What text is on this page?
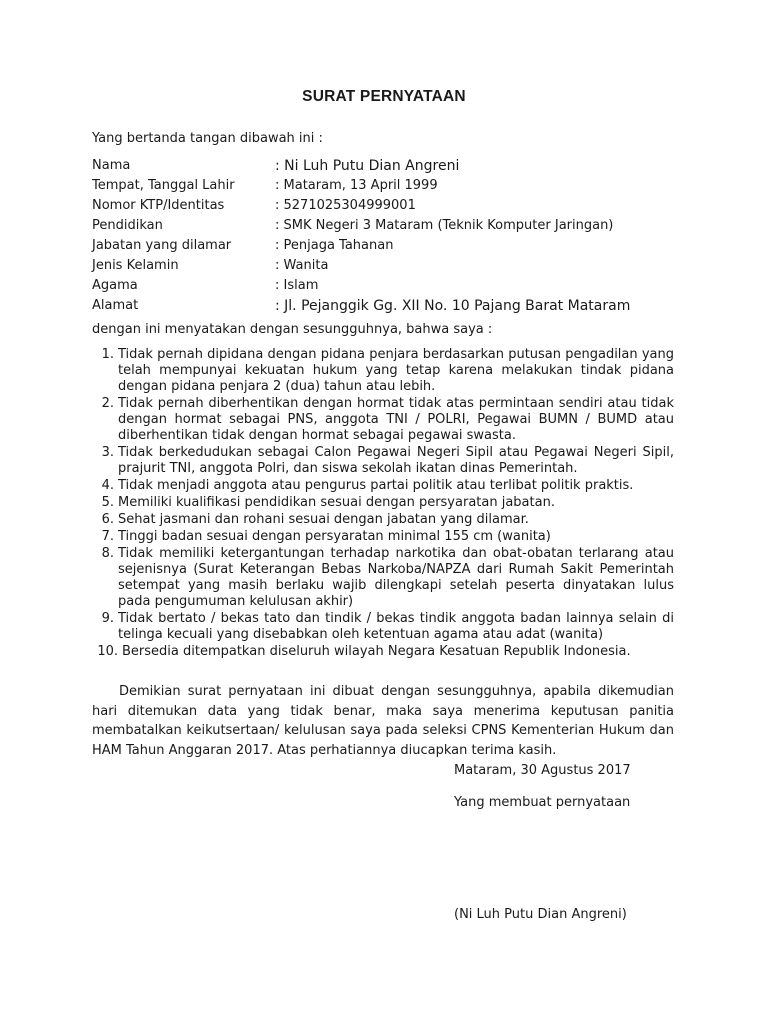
SURAT PERNYATAAN
Yang bertanda tangan dibawah ini :
Nama	: Ni Luh Putu Dian Angreni
Tempat, Tanggal Lahir	: Mataram, 13 April 1999
Nomor KTP/Identitas	: 5271025304999001
Pendidikan	: SMK Negeri 3 Mataram (Teknik Komputer Jaringan)
Jabatan yang dilamar	: Penjaga Tahanan
Jenis Kelamin	: Wanita
Agama	: Islam
Alamat	: Jl. Pejanggik Gg. XII No. 10 Pajang Barat Mataram
dengan ini menyatakan dengan sesungguhnya, bahwa saya :
1. Tidak pernah dipidana dengan pidana penjara berdasarkan putusan pengadilan yang telah mempunyai kekuatan hukum yang tetap karena melakukan tindak pidana dengan pidana penjara 2 (dua) tahun atau lebih.
2. Tidak pernah diberhentikan dengan hormat tidak atas permintaan sendiri atau tidak dengan hormat sebagai PNS, anggota TNI / POLRI, Pegawai BUMN / BUMD atau diberhentikan tidak dengan hormat sebagai pegawai swasta.
3. Tidak berkedudukan sebagai Calon Pegawai Negeri Sipil atau Pegawai Negeri Sipil, prajurit TNI, anggota Polri, dan siswa sekolah ikatan dinas Pemerintah.
4. Tidak menjadi anggota atau pengurus partai politik atau terlibat politik praktis.
5. Memiliki kualifikasi pendidikan sesuai dengan persyaratan jabatan.
6. Sehat jasmani dan rohani sesuai dengan jabatan yang dilamar.
7. Tinggi badan sesuai dengan persyaratan minimal 155 cm (wanita)
8. Tidak memiliki ketergantungan terhadap narkotika dan obat-obatan terlarang atau sejenisnya (Surat Keterangan Bebas Narkoba/NAPZA dari Rumah Sakit Pemerintah setempat yang masih berlaku wajib dilengkapi setelah peserta dinyatakan lulus pada pengumuman kelulusan akhir)
9. Tidak bertato / bekas tato dan tindik / bekas tindik anggota badan lainnya selain di telinga kecuali yang disebabkan oleh ketentuan agama atau adat (wanita)
10. Bersedia ditempatkan diseluruh wilayah Negara Kesatuan Republik Indonesia.
Demikian surat pernyataan ini dibuat dengan sesungguhnya, apabila dikemudian hari ditemukan data yang tidak benar, maka saya menerima keputusan panitia membatalkan keikutsertaan/ kelulusan saya pada seleksi CPNS Kementerian Hukum dan HAM Tahun Anggaran 2017. Atas perhatiannya diucapkan terima kasih.
Mataram, 30 Agustus 2017
Yang membuat pernyataan
(Ni Luh Putu Dian Angreni)
